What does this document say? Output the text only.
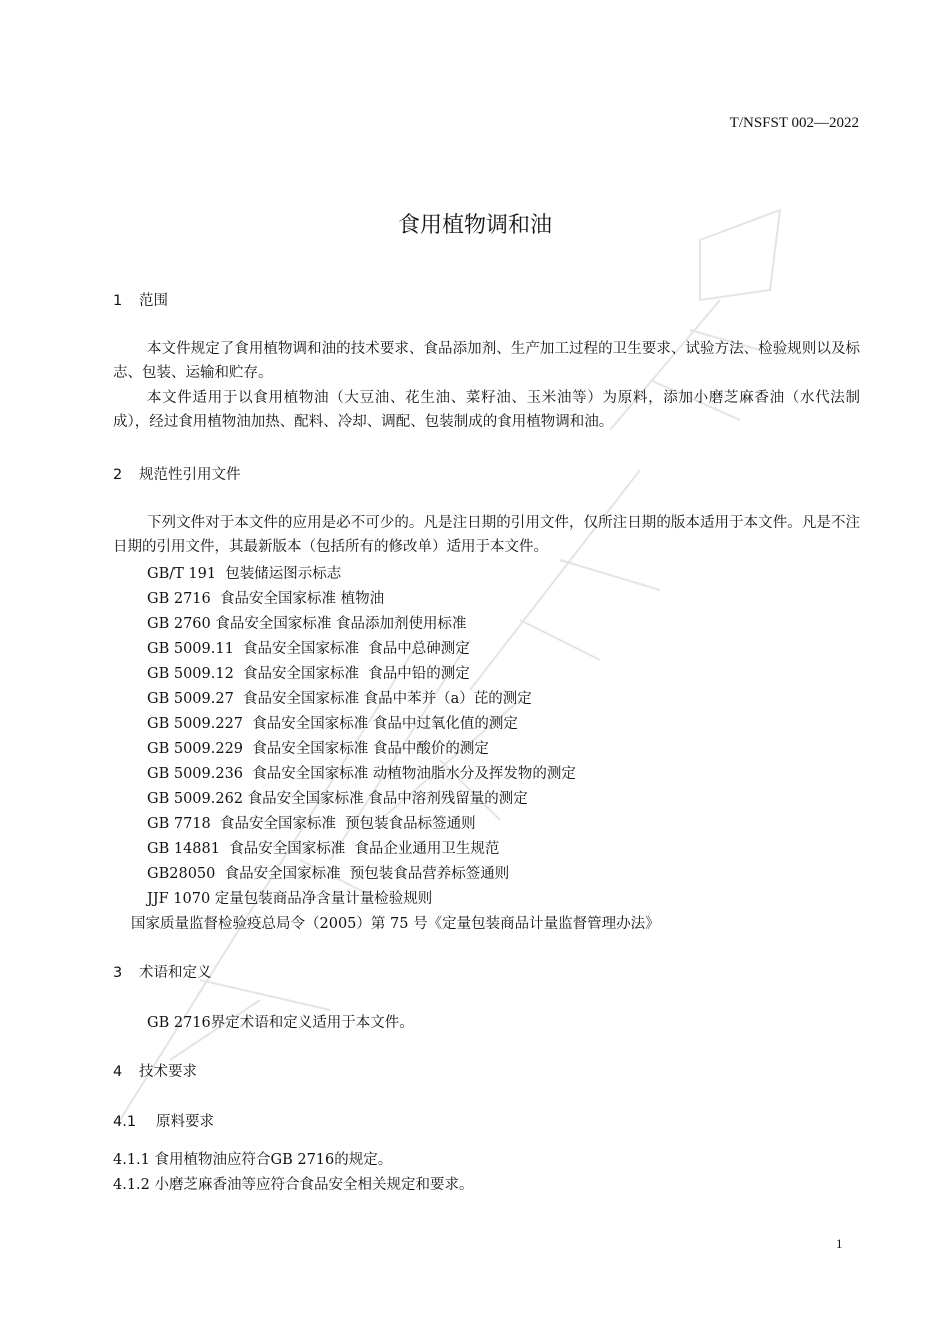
T/NSFST 002—2022
食用植物调和油
1 范围
本文件规定了食用植物调和油的技术要求、食品添加剂、生产加工过程的卫生要求、试验方法、检验规则以及标志、包装、运输和贮存。
本文件适用于以食用植物油（大豆油、花生油、菜籽油、玉米油等）为原料，添加小磨芝麻香油（水代法制成），经过食用植物油加热、配料、冷却、调配、包装制成的食用植物调和油。
2 规范性引用文件
下列文件对于本文件的应用是必不可少的。凡是注日期的引用文件，仅所注日期的版本适用于本文件。凡是不注日期的引用文件，其最新版本（包括所有的修改单）适用于本文件。
GB/T 191  包装储运图示标志
GB 2716  食品安全国家标准 植物油
GB 2760 食品安全国家标准 食品添加剂使用标准
GB 5009.11  食品安全国家标准  食品中总砷测定
GB 5009.12  食品安全国家标准  食品中铅的测定
GB 5009.27  食品安全国家标准 食品中苯并（a）芘的测定
GB 5009.227  食品安全国家标准 食品中过氧化值的测定
GB 5009.229  食品安全国家标准 食品中酸价的测定
GB 5009.236  食品安全国家标准 动植物油脂水分及挥发物的测定
GB 5009.262 食品安全国家标准 食品中溶剂残留量的测定
GB 7718  食品安全国家标准  预包装食品标签通则
GB 14881  食品安全国家标准  食品企业通用卫生规范
GB28050  食品安全国家标准  预包装食品营养标签通则
JJF 1070 定量包装商品净含量计量检验规则
国家质量监督检验疫总局令（2005）第 75 号《定量包装商品计量监督管理办法》
3 术语和定义
GB 2716界定术语和定义适用于本文件。
4 技术要求
4.1 原料要求
4.1.1 食用植物油应符合GB 2716的规定。
4.1.2 小磨芝麻香油等应符合食品安全相关规定和要求。
1
